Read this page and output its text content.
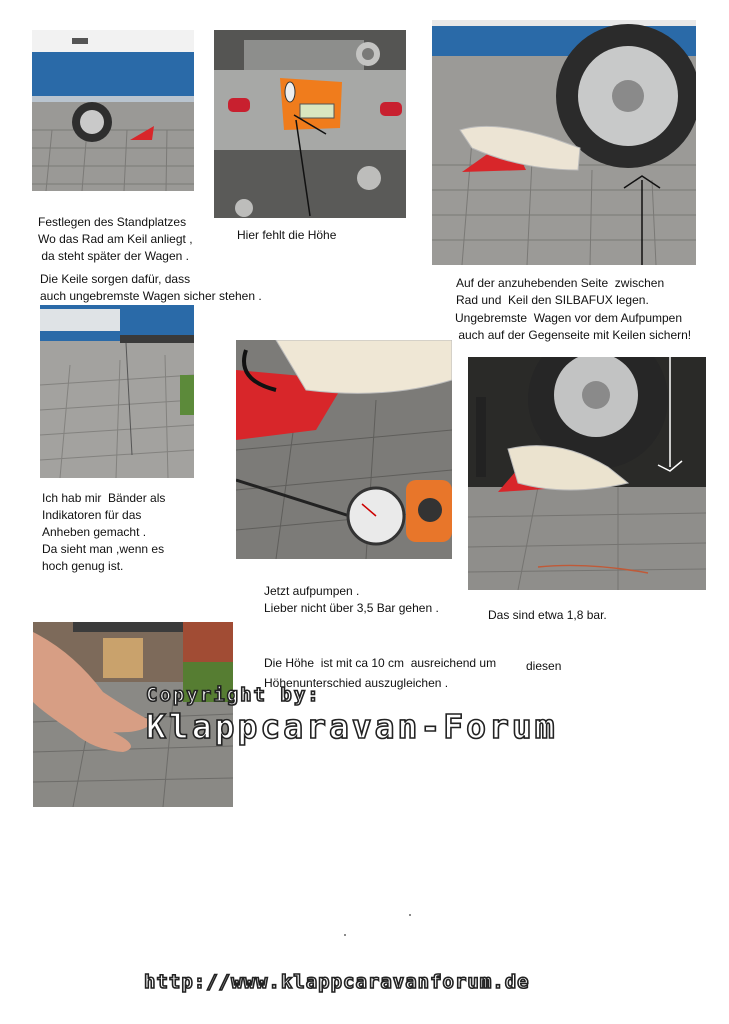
Festlegen des Standplatzes
Wo das Rad am Keil anliegt ,
da steht später der Wagen .
Die Keile sorgen dafür, dass
auch ungebremste Wagen sicher stehen .
Hier fehlt die Höhe
Auf der anzuhebenden Seite  zwischen
Rad und  Keil den SILBAFUX legen.
Ungebremste  Wagen vor dem Aufpumpen
auch auf der Gegenseite mit Keilen sichern!
Ich hab mir  Bänder als
Indikatoren für das
Anheben gemacht .
Da sieht man ,wenn es
hoch genug ist.
Jetzt aufpumpen .
Lieber nicht über 3,5 Bar gehen .	Das sind etwa 1,8 bar.
Die Höhe  ist mit ca 10 cm  ausreichend um diesen
Höhenunterschied auszugleichen .
Copyright by:
Klappcaravan-Forum
http://www.klappcaravanforum.de
